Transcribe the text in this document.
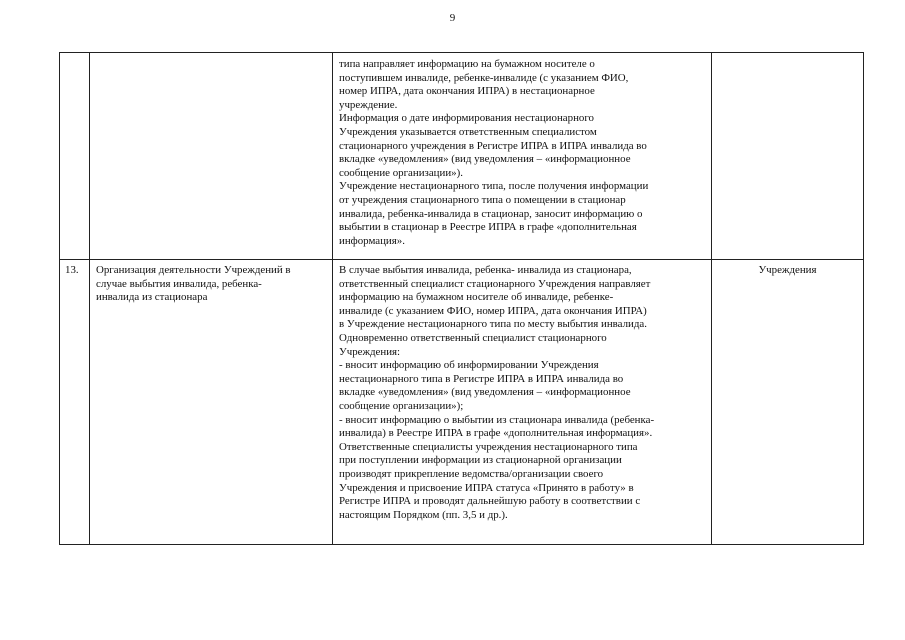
9

типа направляет информацию на бумажном носителе о

поступившем инвалиде, ребенке-инвалиде (с указанием ФИО,

номер ИПРА, дата окончания ИПРА) в нестационарное

учреждение.

Информация о дате информирования нестационарного

Учреждения указывается ответственным специалистом

стационарного учреждения в Регистре ИПРА в ИПРА инвалида во

вкладке «уведомления» (вид уведомления – «информационное

сообщение организации»).

Учреждение нестационарного типа, после получения информации

от учреждения стационарного типа о помещении в стационар

инвалида, ребенка-инвалида в стационар, заносит информацию о

выбытии в стационар в Реестре ИПРА в графе «дополнительная

информация».

13.	Организация деятельности Учреждений в

случае выбытия инвалида, ребенка-

инвалида из стационара

В случае выбытия инвалида, ребенка- инвалида из стационара,

ответственный специалист стационарного Учреждения направляет

информацию на бумажном носителе об инвалиде, ребенке-

инвалиде (с указанием ФИО, номер ИПРА, дата окончания ИПРА)

в Учреждение нестационарного типа по месту выбытия инвалида.

Одновременно ответственный специалист стационарного

Учреждения:

- вносит информацию об информировании Учреждения

нестационарного типа в Регистре ИПРА в ИПРА инвалида во

вкладке «уведомления» (вид уведомления – «информационное

сообщение организации»);

- вносит информацию о выбытии из стационара инвалида (ребенка-

инвалида) в Реестре ИПРА в графе «дополнительная информация».

Ответственные специалисты учреждения нестационарного типа

при поступлении информации из стационарной организации

производят прикрепление ведомства/организации своего

Учреждения и присвоение ИПРА статуса «Принято в работу» в

Регистре ИПРА и проводят дальнейшую работу в соответствии с

настоящим Порядком (пп. 3,5 и др.).

Учреждения
